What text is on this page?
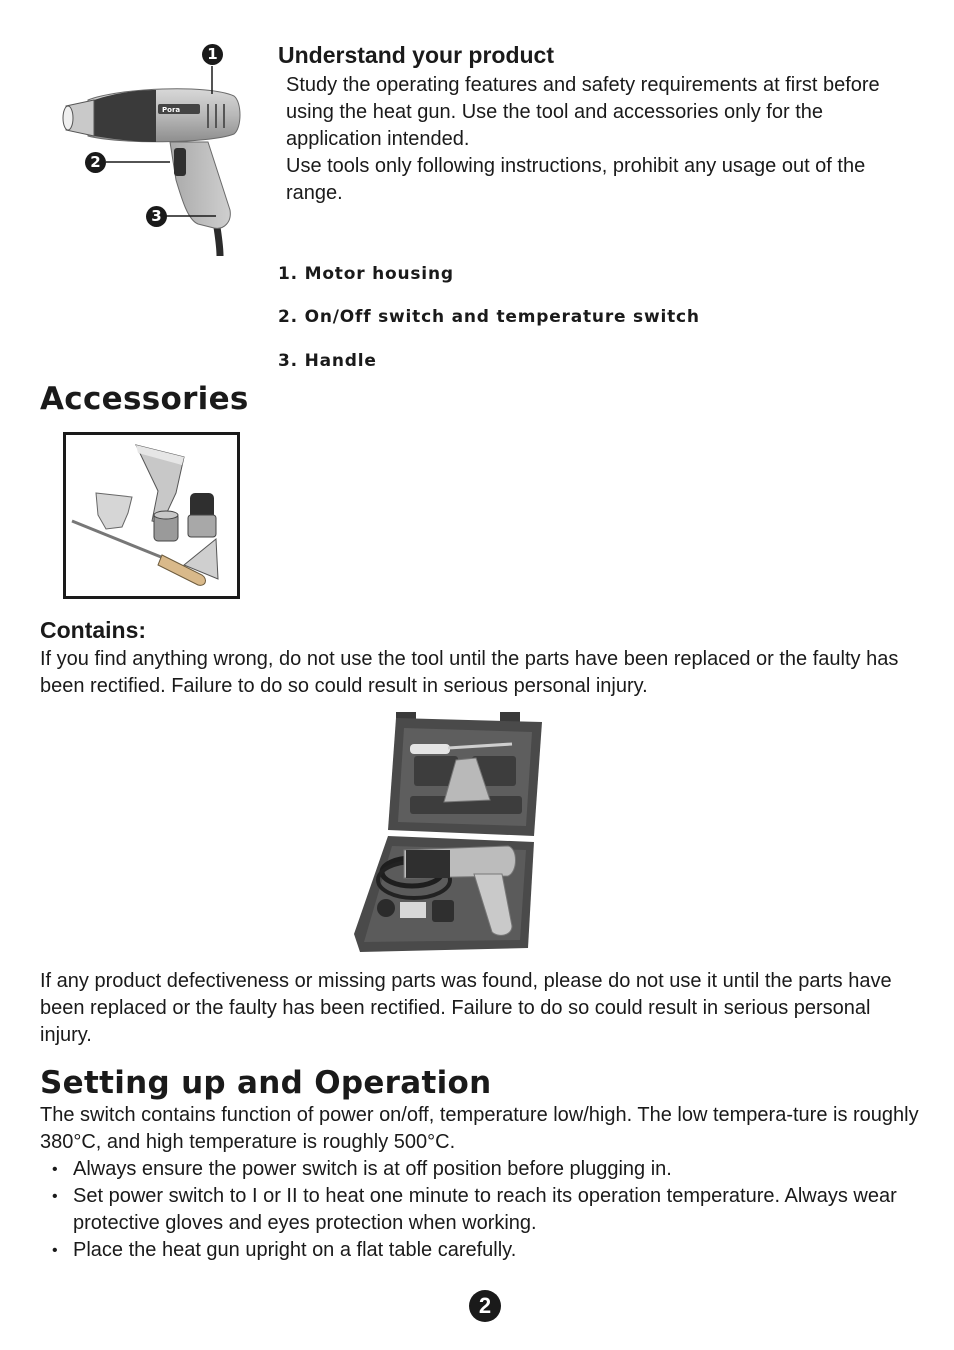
Pora
1
2
3
Understand your product

Study the operating features and safety requirements at first before using the heat gun. Use the tool and accessories only for the application intended.

Use tools only following instructions, prohibit any usage out of the range.

1. Motor housing
2. On/Off switch and temperature switch
3. Handle
Accessories
Contains:

If you find anything wrong, do not use the tool until the parts have been replaced or the faulty has been rectified. Failure to do so could result in serious personal injury.

If any product defectiveness or missing parts was found, please do not use it until the parts have been replaced or the faulty has been rectified. Failure to do so could result in serious personal injury.

Setting up and Operation

The switch contains function of power on/off, temperature low/high. The low tempera-ture is roughly 380°C, and high temperature is roughly 500°C.

• Always ensure the power switch is at off position before plugging in.
• Set power switch to I or II to heat one minute to reach its operation temperature. Always wear protective gloves and eyes protection when working.
• Place the heat gun upright on a flat table carefully.
2
